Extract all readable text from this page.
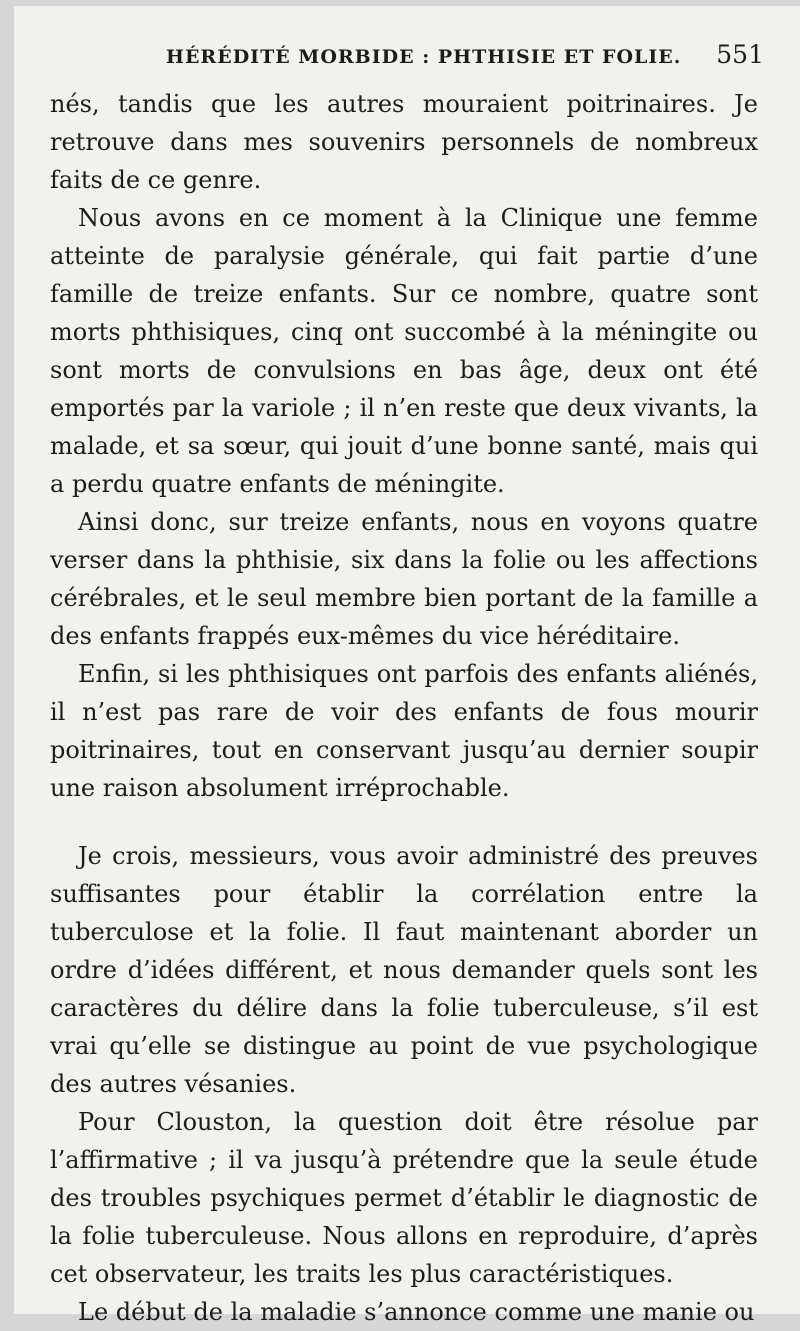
HÉRÉDITÉ MORBIDE : PHTHISIE ET FOLIE. 551

nés, tandis que les autres mouraient poitrinaires. Je retrouve dans mes souvenirs personnels de nombreux faits de ce genre.

Nous avons en ce moment à la Clinique une femme atteinte de paralysie générale, qui fait partie d’une famille de treize enfants. Sur ce nombre, quatre sont morts phthisiques, cinq ont succombé à la méningite ou sont morts de convulsions en bas âge, deux ont été emportés par la variole ; il n’en reste que deux vivants, la malade, et sa sœur, qui jouit d’une bonne santé, mais qui a perdu quatre enfants de méningite.

Ainsi donc, sur treize enfants, nous en voyons quatre verser dans la phthisie, six dans la folie ou les affections cérébrales, et le seul membre bien portant de la famille a des enfants frappés eux-mêmes du vice héréditaire.

Enfin, si les phthisiques ont parfois des enfants aliénés, il n’est pas rare de voir des enfants de fous mourir poitrinaires, tout en conservant jusqu’au dernier soupir une raison absolument irréprochable.

Je crois, messieurs, vous avoir administré des preuves suffisantes pour établir la corrélation entre la tuberculose et la folie. Il faut maintenant aborder un ordre d’idées différent, et nous demander quels sont les caractères du délire dans la folie tuberculeuse, s’il est vrai qu’elle se distingue au point de vue psychologique des autres vésanies.

Pour Clouston, la question doit être résolue par l’affirmative ; il va jusqu’à prétendre que la seule étude des troubles psychiques permet d’établir le diagnostic de la folie tuberculeuse. Nous allons en reproduire, d’après cet observateur, les traits les plus caractéristiques.

Le début de la maladie s’annonce comme une manie ou
